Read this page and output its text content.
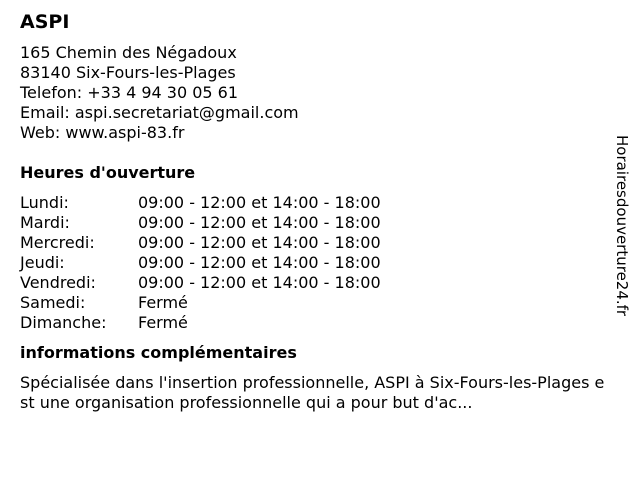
ASPI
165 Chemin des Négadoux
83140 Six-Fours-les-Plages
Telefon: +33 4 94 30 05 61
Email: aspi.secretariat@gmail.com
Web: www.aspi-83.fr
Heures d'ouverture
Lundi:	09:00 - 12:00 et 14:00 - 18:00
Mardi:	09:00 - 12:00 et 14:00 - 18:00
Mercredi:	09:00 - 12:00 et 14:00 - 18:00
Jeudi:	09:00 - 12:00 et 14:00 - 18:00
Vendredi:	09:00 - 12:00 et 14:00 - 18:00
Samedi:	Fermé
Dimanche:	Fermé
informations complémentaires
Spécialisée dans l'insertion professionnelle, ASPI à Six-Fours-les-Plages est une organisation professionnelle qui a pour but d'ac...
Horairesdouverture24.fr
